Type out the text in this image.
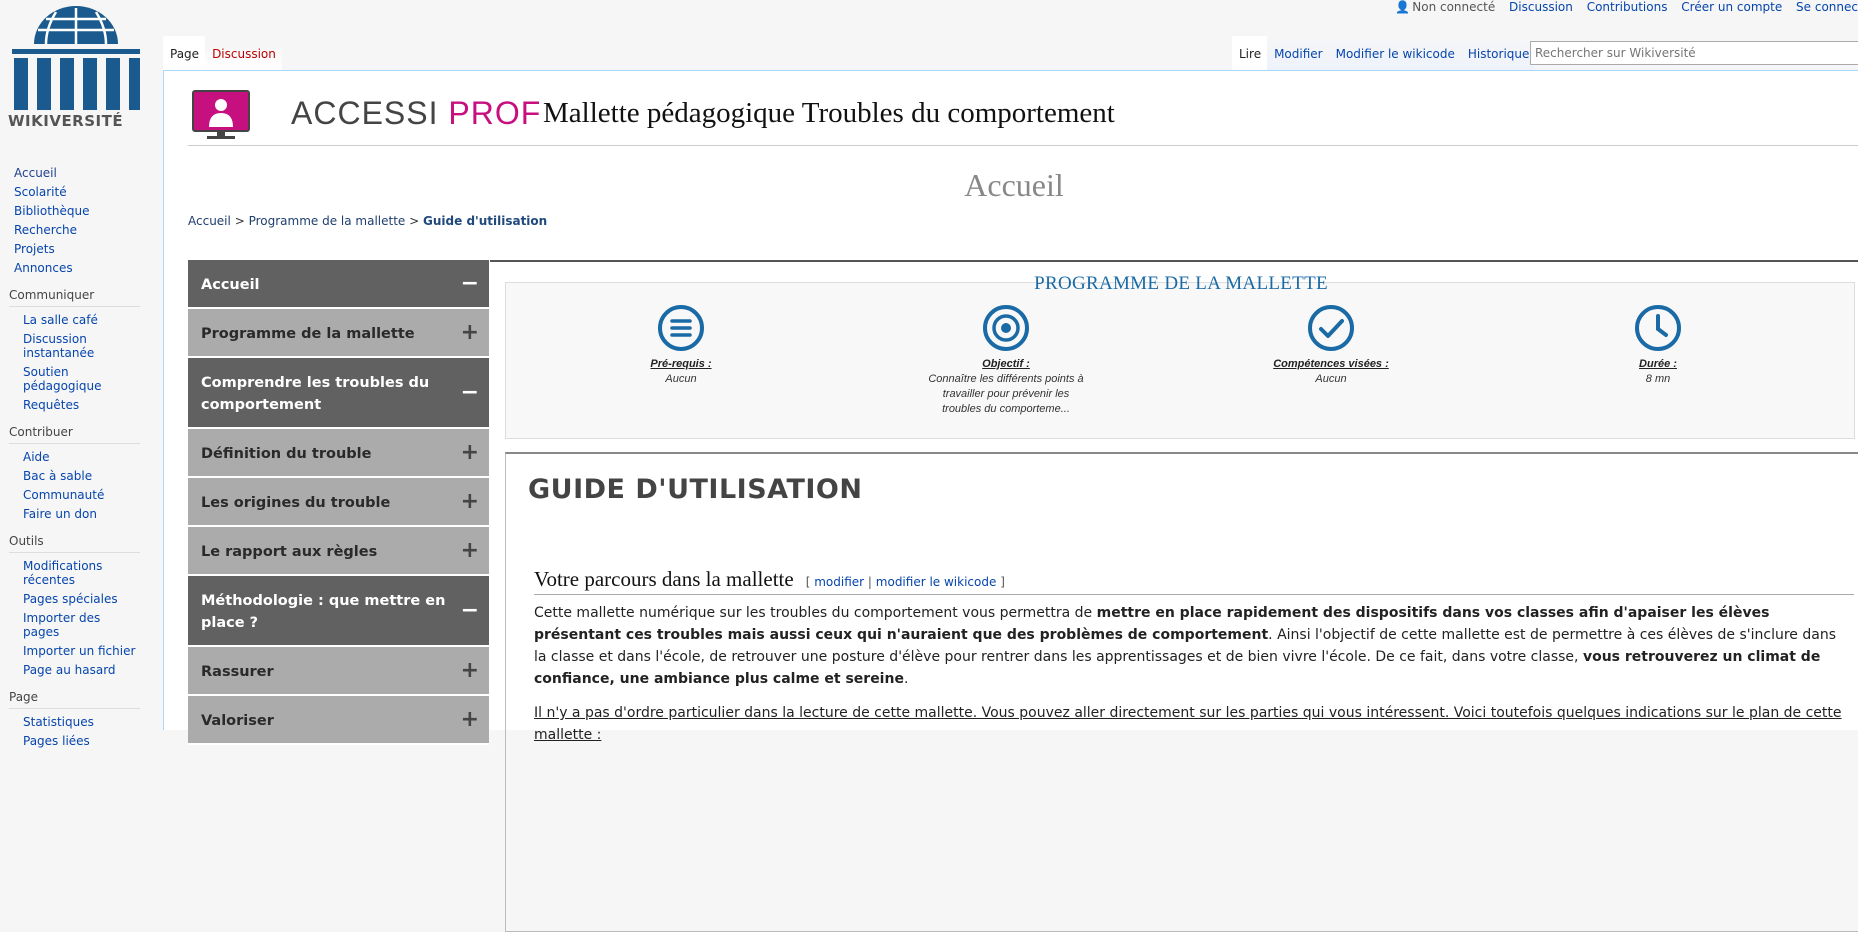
WIKIVERSITÉ
👤 Non connecté Discussion Contributions Créer un compte Se connec
Page	Discussion	Lire	Modifier	Modifier le wikicode	Historique
Rechercher sur Wikiversité
Accueil
Scolarité
Bibliothèque
Recherche
Projets
Annonces
Communiquer
La salle café
Discussion instantanée
Soutien pédagogique
Requêtes
Contribuer
Aide
Bac à sable
Communauté
Faire un don
Outils
Modifications récentes
Pages spéciales
Importer des pages
Importer un fichier
Page au hasard
Page
Statistiques
Pages liées
ACCESSI PROF Mallette pédagogique Troubles du comportement
Accueil
Accueil > Programme de la mallette > Guide d'utilisation
Accueil	−
Programme de la mallette +
Comprendre les troubles du comportement
−
Définition du trouble	+
Les origines du trouble	+
Le rapport aux règles	+
Méthodologie : que mettre en place ?
−
Rassurer	+
Valoriser	+
PROGRAMME DE LA MALLETTE
Pré-requis :
Aucun
Objectif :
Connaître les différents points à travailler pour prévenir les troubles du comporteme...
Compétences visées :
Aucun
Durée :
8 mn
GUIDE D'UTILISATION
Votre parcours dans la mallette [ modifier | modifier le wikicode ]
Cette mallette numérique sur les troubles du comportement vous permettra de mettre en place rapidement des dispositifs dans vos classes afin d'apaiser les élèves présentant ces troubles mais aussi ceux qui n'auraient que des problèmes de comportement. Ainsi l'objectif de cette mallette est de permettre à ces élèves de s'inclure dans la classe et dans l'école, de retrouver une posture d'élève pour rentrer dans les apprentissages et de bien vivre l'école. De ce fait, dans votre classe, vous retrouverez un climat de confiance, une ambiance plus calme et sereine.
Il n'y a pas d'ordre particulier dans la lecture de cette mallette. Vous pouvez aller directement sur les parties qui vous intéressent. Voici toutefois quelques indications sur le plan de cette mallette :
